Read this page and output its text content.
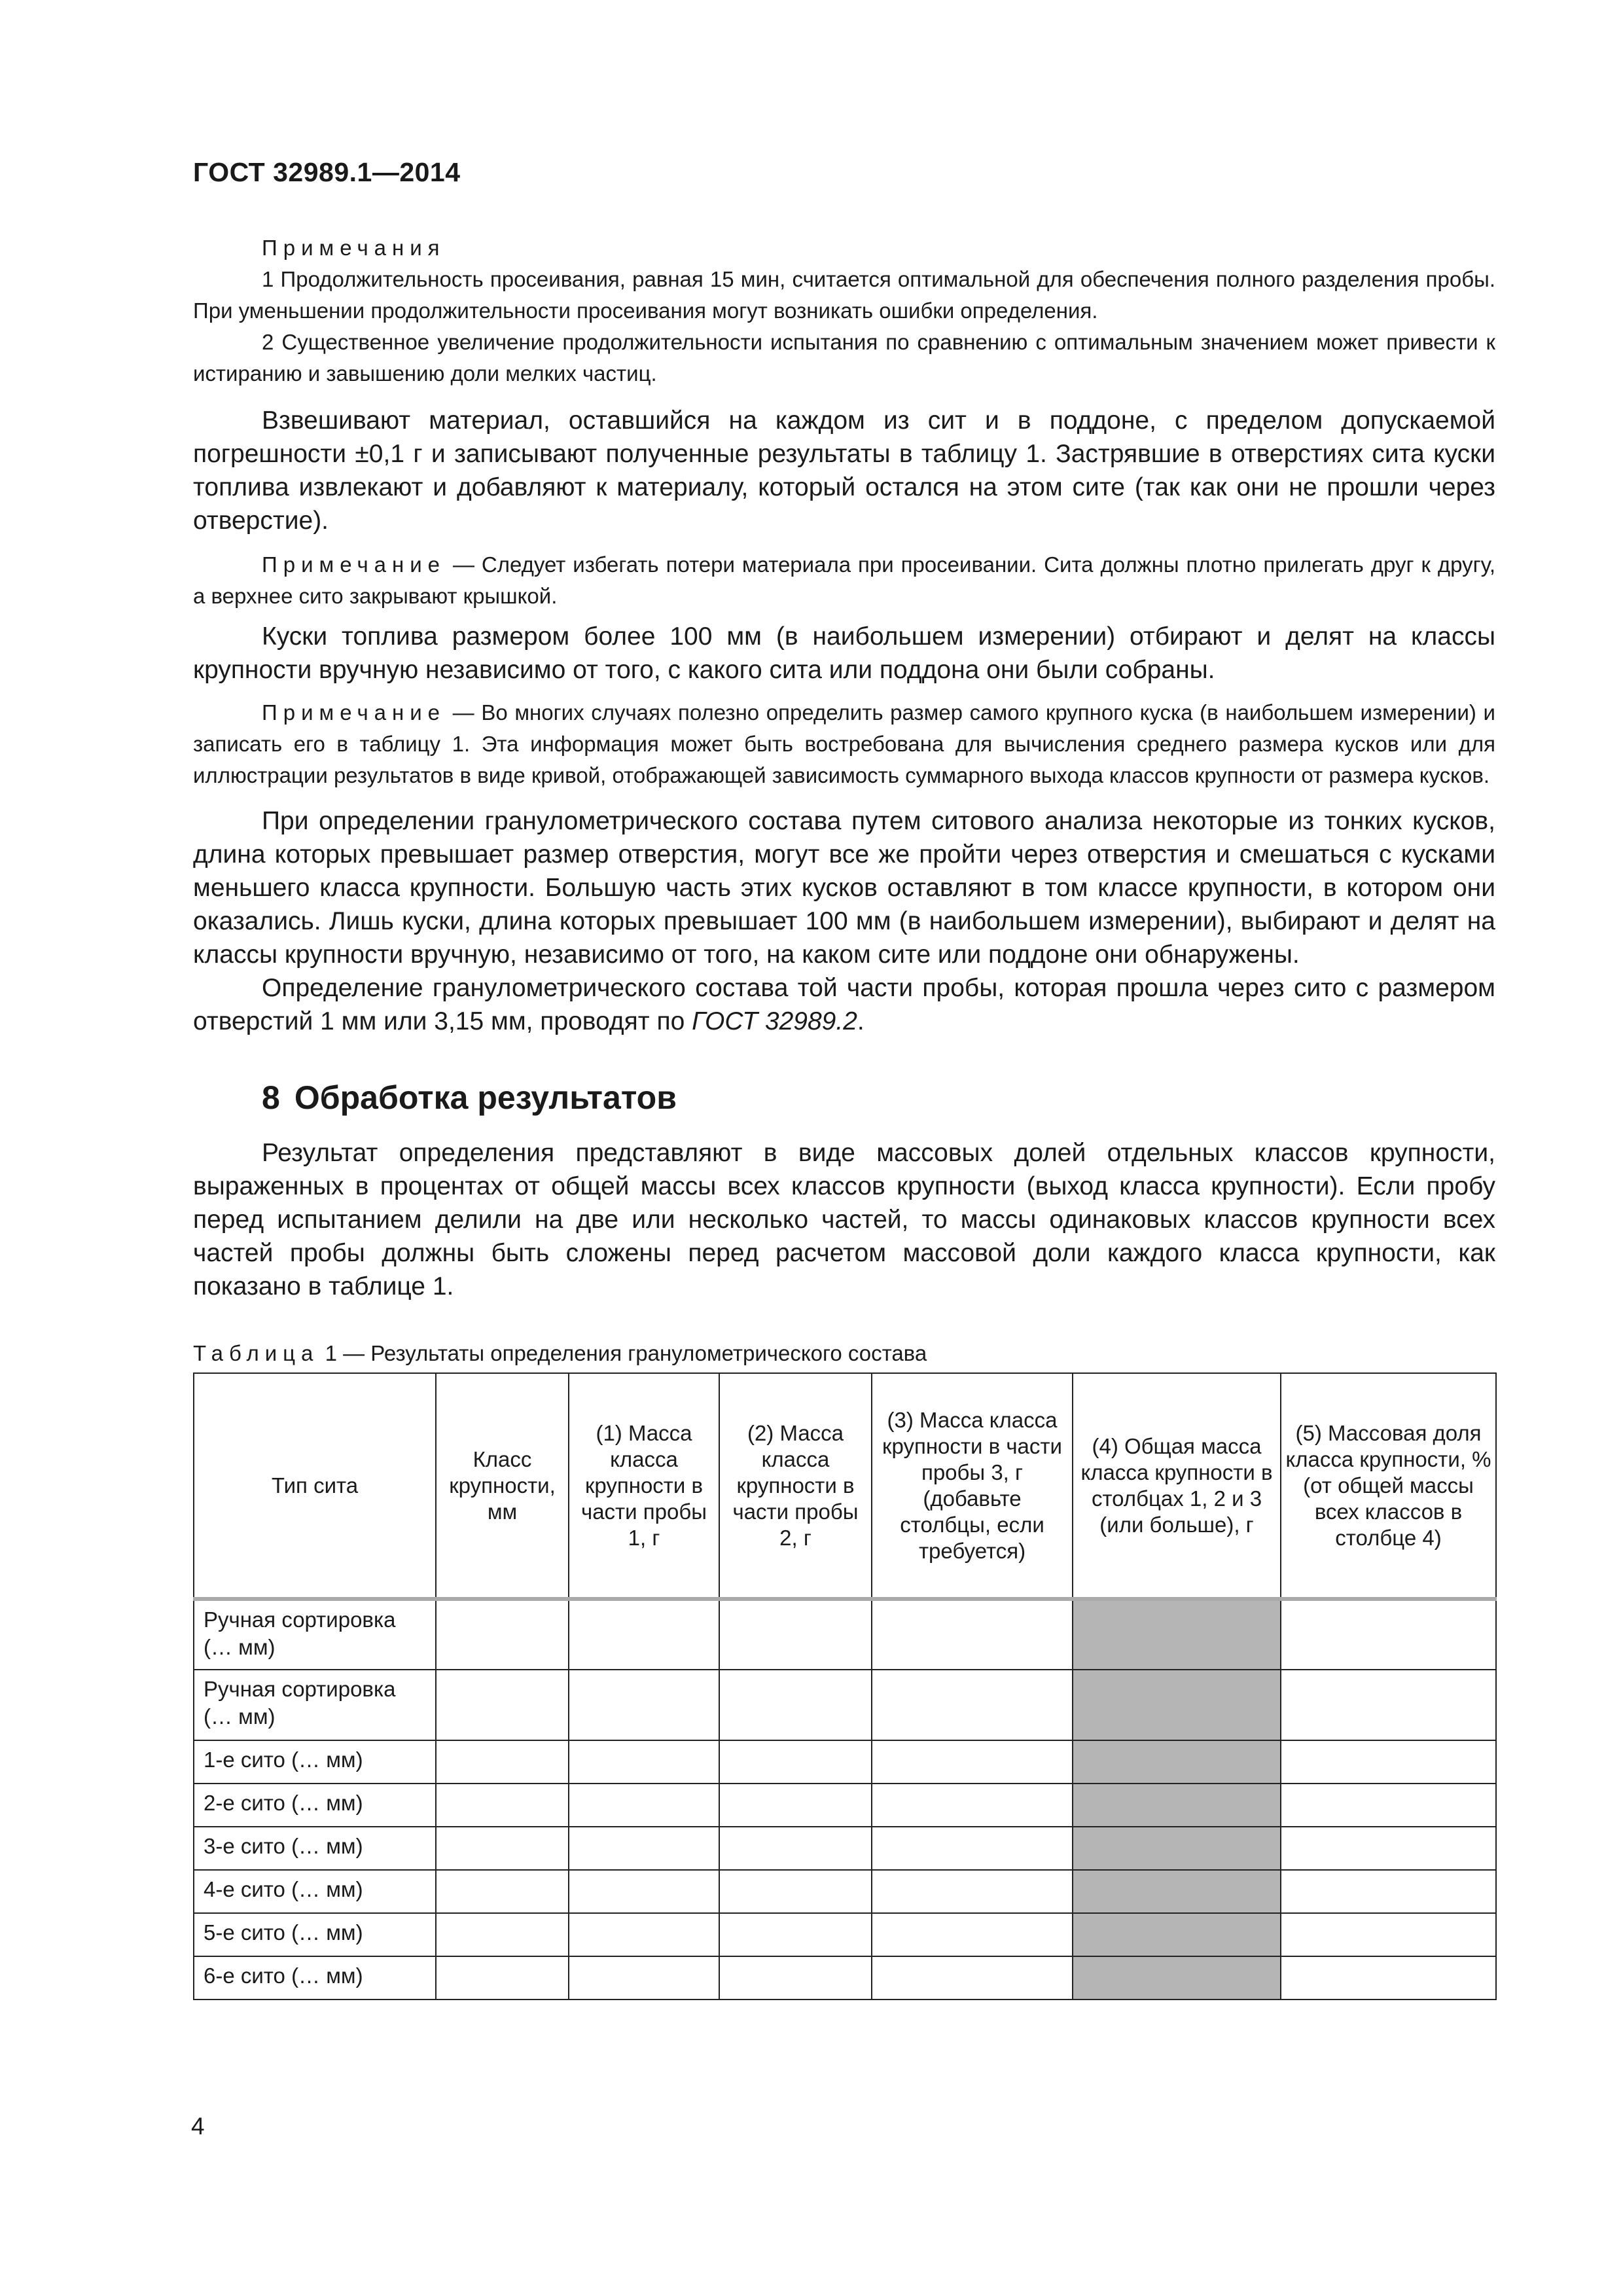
ГОСТ 32989.1—2014

Примечания

1 Продолжительность просеивания, равная 15 мин, считается оптимальной для обеспечения полного разделения пробы. При уменьшении продолжительности просеивания могут возникать ошибки определения.

2 Существенное увеличение продолжительности испытания по сравнению с оптимальным значением может привести к истиранию и завышению доли мелких частиц.

Взвешивают материал, оставшийся на каждом из сит и в поддоне, с пределом допускаемой погрешности ±0,1 г и записывают полученные результаты в таблицу 1. Застрявшие в отверстиях сита куски топлива извлекают и добавляют к материалу, который остался на этом сите (так как они не прошли через отверстие).

Примечание — Следует избегать потери материала при просеивании. Сита должны плотно прилегать друг к другу, а верхнее сито закрывают крышкой.

Куски топлива размером более 100 мм (в наибольшем измерении) отбирают и делят на классы крупности вручную независимо от того, с какого сита или поддона они были собраны.

Примечание — Во многих случаях полезно определить размер самого крупного куска (в наибольшем измерении) и записать его в таблицу 1. Эта информация может быть востребована для вычисления среднего размера кусков или для иллюстрации результатов в виде кривой, отображающей зависимость суммарного выхода классов крупности от размера кусков.

При определении гранулометрического состава путем ситового анализа некоторые из тонких кусков, длина которых превышает размер отверстия, могут все же пройти через отверстия и смешаться с кусками меньшего класса крупности. Большую часть этих кусков оставляют в том классе крупности, в котором они оказались. Лишь куски, длина которых превышает 100 мм (в наибольшем измерении), выбирают и делят на классы крупности вручную, независимо от того, на каком сите или поддоне они обнаружены.

Определение гранулометрического состава той части пробы, которая прошла через сито с размером отверстий 1 мм или 3,15 мм, проводят по ГОСТ 32989.2.

8 Обработка результатов

Результат определения представляют в виде массовых долей отдельных классов крупности, выраженных в процентах от общей массы всех классов крупности (выход класса крупности). Если пробу перед испытанием делили на две или несколько частей, то массы одинаковых классов крупности всех частей пробы должны быть сложены перед расчетом массовой доли каждого класса крупности, как показано в таблице 1.

Таблица 1 — Результаты определения гранулометрического состава
Тип сита	Класс крупности, мм	(1) Масса класса крупности в части пробы 1, г	(2) Масса класса крупности в части пробы 2, г	(3) Масса класса крупности в части пробы 3, г (добавьте столбцы, если требуется)	(4) Общая масса класса крупности в столбцах 1, 2 и 3 (или больше), г	(5) Массовая доля класса крупности, % (от общей массы всех классов в столбце 4)
Ручная сортировка (… мм)						
Ручная сортировка (… мм)						
1-е сито (… мм)						
2-е сито (… мм)						
3-е сито (… мм)						
4-е сито (… мм)						
5-е сито (… мм)						
6-е сито (… мм)						
4
